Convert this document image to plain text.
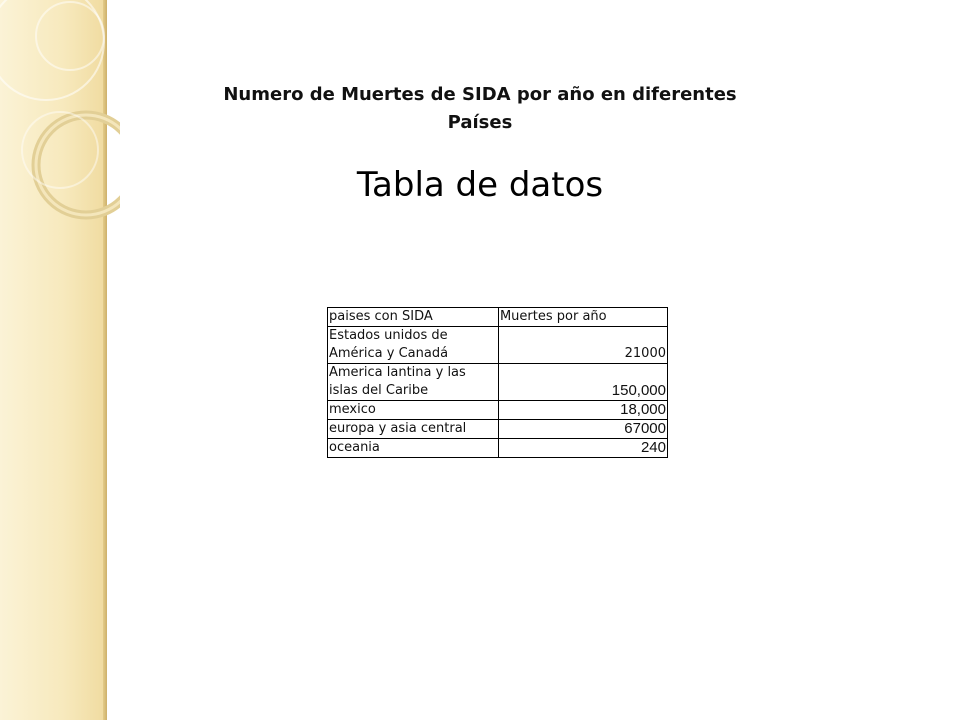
Numero de Muertes de SIDA por año en diferentes Países
Tabla de datos
paises con SIDA	Muertes por año
Estados unidos de América y Canadá	21000
America lantina y las islas del Caribe	150,000
mexico	18,000
europa y asia central	67000
oceania	240
